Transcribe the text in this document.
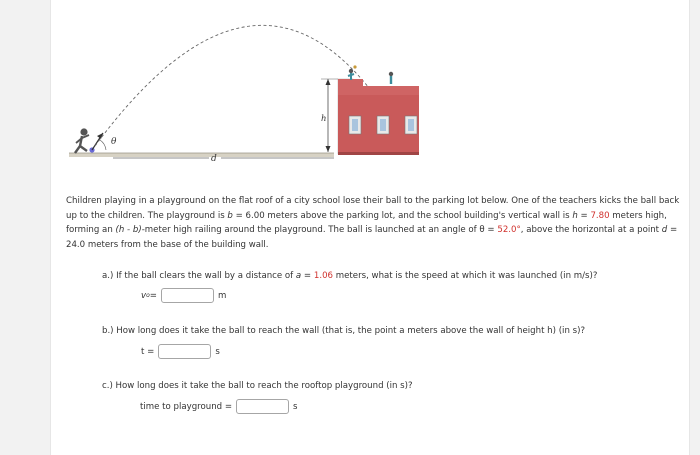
d
θ
h
Children playing in a playground on the flat roof of a city school lose their ball to the parking lot below. One of the teachers kicks the ball back up to the children. The playground is b = 6.00 meters above the parking lot, and the school building's vertical wall is h = 7.80 meters high, forming an (h - b)-meter high railing around the playground. The ball is launched at an angle of θ = 52.0°, above the horizontal at a point d = 24.0 meters from the base of the building wall.
a.) If the ball clears the wall by a distance of a = 1.06 meters, what is the speed at which it was launched (in m/s)?
v o =	m
b.) How long does it take the ball to reach the wall (that is, the point a meters above the wall of height h) (in s)?
t =	s
c.) How long does it take the ball to reach the rooftop playground (in s)?
time to playground =	s
